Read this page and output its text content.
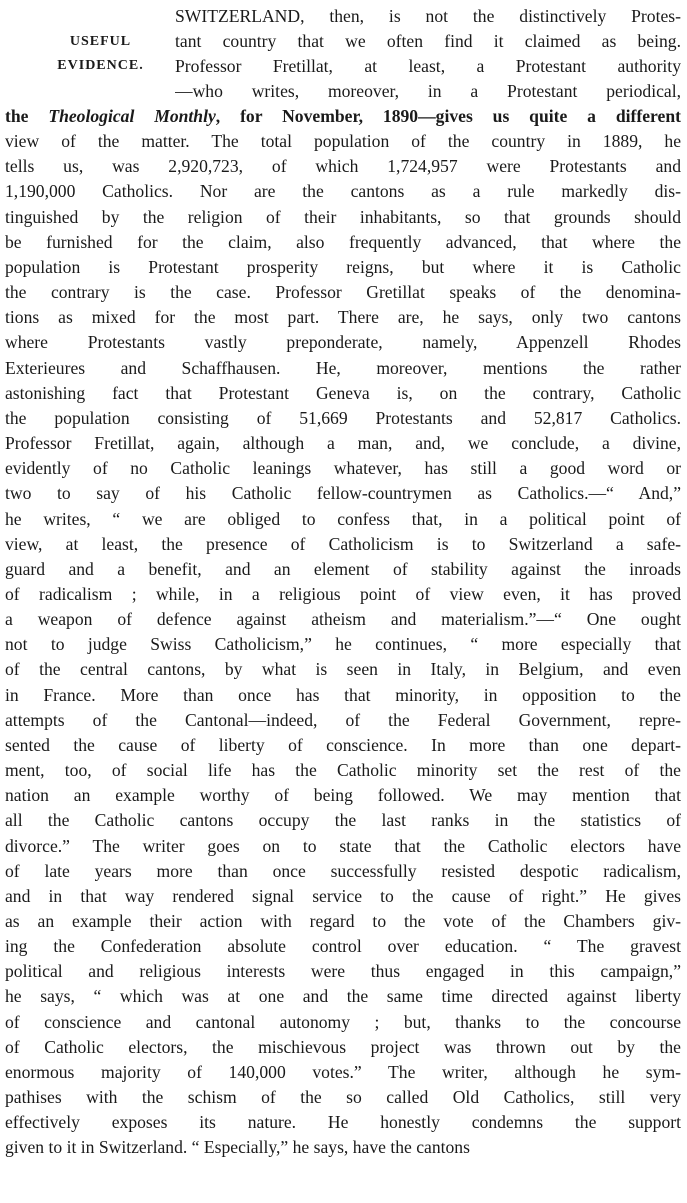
USEFUL
EVIDENCE.
SWITZERLAND, then, is not the distinctively Protes-
tant country that we often find it claimed as being.
Professor Fretillat, at least, a Protestant authority
—who writes, moreover, in a Protestant periodical,
the Theological Monthly, for November, 1890—gives us quite a different
view of the matter. The total population of the country in 1889, he
tells us, was 2,920,723, of which 1,724,957 were Protestants and
1,190,000 Catholics. Nor are the cantons as a rule markedly dis-
tinguished by the religion of their inhabitants, so that grounds should
be furnished for the claim, also frequently advanced, that where the
population is Protestant prosperity reigns, but where it is Catholic
the contrary is the case. Professor Gretillat speaks of the denomina-
tions as mixed for the most part. There are, he says, only two cantons
where Protestants vastly preponderate, namely, Appenzell Rhodes
Exterieures and Schaffhausen. He, moreover, mentions the rather
astonishing fact that Protestant Geneva is, on the contrary, Catholic
the population consisting of 51,669 Protestants and 52,817 Catholics.
Professor Fretillat, again, although a man, and, we conclude, a divine,
evidently of no Catholic leanings whatever, has still a good word or
two to say of his Catholic fellow-countrymen as Catholics.—“ And,”
he writes, “ we are obliged to confess that, in a political point of
view, at least, the presence of Catholicism is to Switzerland a safe-
guard and a benefit, and an element of stability against the inroads
of radicalism ; while, in a religious point of view even, it has proved
a weapon of defence against atheism and materialism.”—“ One ought
not to judge Swiss Catholicism,” he continues, “ more especially that
of the central cantons, by what is seen in Italy, in Belgium, and even
in France. More than once has that minority, in opposition to the
attempts of the Cantonal—indeed, of the Federal Government, repre-
sented the cause of liberty of conscience. In more than one depart-
ment, too, of social life has the Catholic minority set the rest of the
nation an example worthy of being followed. We may mention that
all the Catholic cantons occupy the last ranks in the statistics of
divorce.” The writer goes on to state that the Catholic electors have
of late years more than once successfully resisted despotic radicalism,
and in that way rendered signal service to the cause of right.” He gives
as an example their action with regard to the vote of the Chambers giv-
ing the Confederation absolute control over education. “ The gravest
political and religious interests were thus engaged in this campaign,”
he says, “ which was at one and the same time directed against liberty
of conscience and cantonal autonomy ; but, thanks to the concourse
of Catholic electors, the mischievous project was thrown out by the
enormous majority of 140,000 votes.” The writer, although he sym-
pathises with the schism of the so called Old Catholics, still very
effectively exposes its nature. He honestly condemns the support
given to it in Switzerland. “ Especially,” he says, have the cantons
